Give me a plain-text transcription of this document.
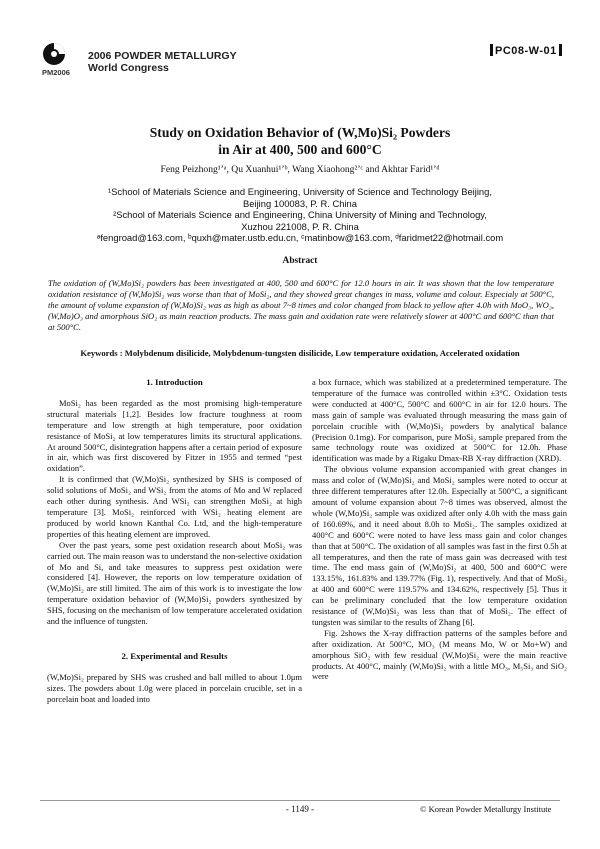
PM2006
2006 POWDER METALLURGY
World Congress
PC08-W-01
Study on Oxidation Behavior of (W,Mo)Si₂ Powders
in Air at 400, 500 and 600°C
Feng Peizhong¹ʼᵃ, Qu Xuanhui¹ʼᵇ, Wang Xiaohong²ʼᶜ and Akhtar Farid¹ʼᵈ
¹School of Materials Science and Engineering, University of Science and Technology Beijing,
Beijing 100083, P. R. China
²School of Materials Science and Engineering, China University of Mining and Technology,
Xuzhou 221008, P. R. China
ᵃfengroad@163.com, ᵇquxh@mater.ustb.edu.cn, ᶜmatinbow@163.com, ᵈfaridmet22@hotmail.com
Abstract
The oxidation of (W,Mo)Si₂ powders has been investigated at 400, 500 and 600°C for 12.0 hours in air. It was shown that the low temperature oxidation resistance of (W,Mo)Si₂ was worse than that of MoSi₂, and they showed great changes in mass, volume and colour. Especialy at 500°C, the amount of volume expansion of (W,Mo)Si₂ was as high as about 7~8 times and color changed from black to yellow after 4.0h with MoO₃, WO₃, (W,Mo)O₃ and amorphous SiO₂ as main reaction products. The mass gain and oxidation rate were relatively slower at 400°C and 600°C than that at 500°C.
Keywords : Molybdenum disilicide, Molybdenum-tungsten disilicide, Low temperature oxidation, Accelerated oxidation
1. Introduction

MoSi₂ has been regarded as the most promising high-temperature structural materials [1,2]. Besides low fracture toughness at room temperature and low strength at high temperature, poor oxidation resistance of MoSi₂ at low temperatures limits its structural applications. At around 500°C, disintegration happens after a certain period of exposure in air, which was first discovered by Fitzer in 1955 and termed “pest oxidation”.

It is confirmed that (W,Mo)Si₂ synthesized by SHS is composed of solid solutions of MoSi₂ and WSi₂ from the atoms of Mo and W replaced each other during synthesis. And WSi₂ can strengthen MoSi₂ at high temperature [3]. MoSi₂ reinforced with WSi₂ heating element are produced by world known Kanthal Co. Ltd, and the high-temperature properties of this heating element are improved.

Over the past years, some pest oxidation research about MoSi₂ was carried out. The main reason was to understand the non-selective oxidation of Mo and Si, and take measures to suppress pest oxidation were considered [4]. However, the reports on low temperature oxidation of (W,Mo)Si₂ are still limited. The aim of this work is to investigate the low temperature oxidation behavior of (W,Mo)Si₂ powders synthesized by SHS, focusing on the mechanism of low temperature accelerated oxidation and the influence of tungsten.

2. Experimental and Results

(W,Mo)Si₂ prepared by SHS was crushed and ball milled to about 1.0μm sizes. The powders about 1.0g were placed in porcelain crucible, set in a porcelain boat and loaded into

a box furnace, which was stabilized at a predetermined temperature. The temperature of the furnace was controlled within ±3°C. Oxidation tests were conducted at 400°C, 500°C and 600°C in air for 12.0 hours. The mass gain of sample was evaluated through measuring the mass gain of porcelain crucible with (W,Mo)Si₂ powders by analytical balance (Precision 0.1mg). For comparison, pure MoSi₂ sample prepared from the same technology route was oxidized at 500°C for 12.0h. Phase identification was made by a Rigaku Dmax-RB X-ray diffraction (XRD).

The obvious volume expansion accompanied with great changes in mass and color of (W,Mo)Si₂ and MoSi₂ samples were noted to occur at three different temperatures after 12.0h. Especially at 500°C, a significant amount of volume expansion about 7~8 times was observed, almost the whole (W,Mo)Si₂ sample was oxidized after only 4.0h with the mass gain of 160.69%, and it need about 8.0h to MoSi₂. The samples oxidized at 400°C and 600°C were noted to have less mass gain and color changes than that at 500°C. The oxidation of all samples was fast in the first 0.5h at all temperatures, and then the rate of mass gain was decreased with test time. The end mass gain of (W,Mo)Si₂ at 400, 500 and 600°C were 133.15%, 161.83% and 139.77% (Fig. 1), respectively. And that of MoSi₂ at 400 and 600°C were 119.57% and 134.62%, respectively [5]. Thus it can be preliminary concluded that the low temperature oxidation resistance of (W,Mo)Si₂ was less than that of MoSi₂. The effect of tungsten was similar to the results of Zhang [6].

Fig. 2shows the X-ray diffraction patterns of the samples before and after oxidization. At 500°C, MO₃ (M means Mo, W or Mo+W) and amorphous SiO₂ with few residual (W,Mo)Si₂ were the main reactive products. At 400°C, mainly (W,Mo)Si₂ with a little MO₃, M₅Si₃ and SiO₂ were

- 1149 -	© Korean Powder Metallurgy Institute
